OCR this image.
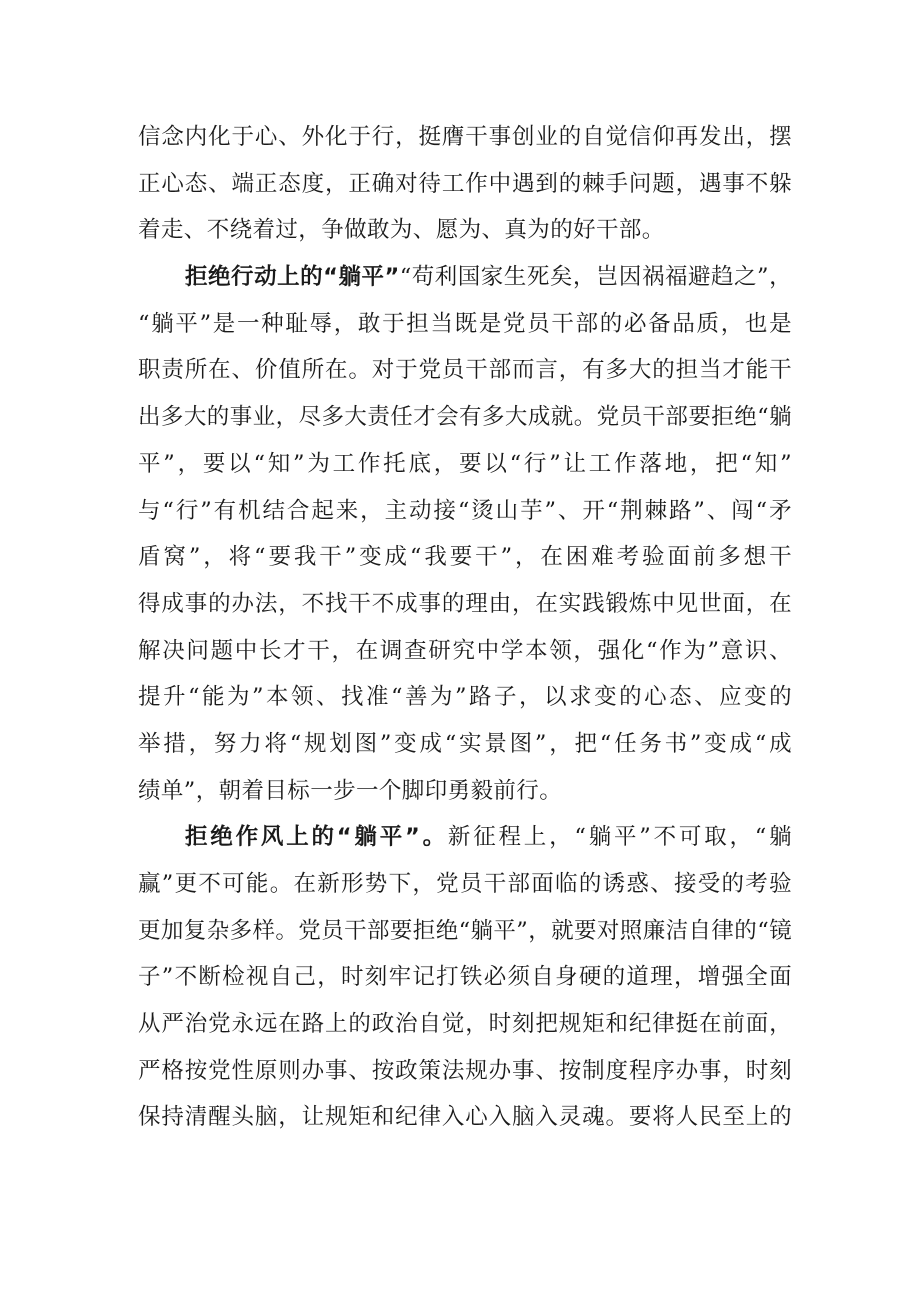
信念内化于心、外化于行，挺膺干事创业的自觉信仰再发出，摆
正心态、端正态度，正确对待工作中遇到的棘手问题，遇事不躲
着走、不绕着过，争做敢为、愿为、真为的好干部。
拒绝行动上的“躺平”“苟利国家生死矣，岂因祸福避趋之”，
“躺平”是一种耻辱，敢于担当既是党员干部的必备品质，也是
职责所在、价值所在。对于党员干部而言，有多大的担当才能干
出多大的事业，尽多大责任才会有多大成就。党员干部要拒绝“躺
平”，要以“知”为工作托底，要以“行”让工作落地，把“知”
与“行”有机结合起来，主动接“烫山芋”、开“荆棘路”、闯“矛
盾窝”，将“要我干”变成“我要干”，在困难考验面前多想干
得成事的办法，不找干不成事的理由，在实践锻炼中见世面，在
解决问题中长才干，在调查研究中学本领，强化“作为”意识、
提升“能为”本领、找准“善为”路子，以求变的心态、应变的
举措，努力将“规划图”变成“实景图”，把“任务书”变成“成
绩单”，朝着目标一步一个脚印勇毅前行。
拒绝作风上的“躺平”。新征程上，“躺平”不可取，“躺
赢”更不可能。在新形势下，党员干部面临的诱惑、接受的考验
更加复杂多样。党员干部要拒绝“躺平”，就要对照廉洁自律的“镜
子”不断检视自己，时刻牢记打铁必须自身硬的道理，增强全面
从严治党永远在路上的政治自觉，时刻把规矩和纪律挺在前面，
严格按党性原则办事、按政策法规办事、按制度程序办事，时刻
保持清醒头脑，让规矩和纪律入心入脑入灵魂。要将人民至上的
